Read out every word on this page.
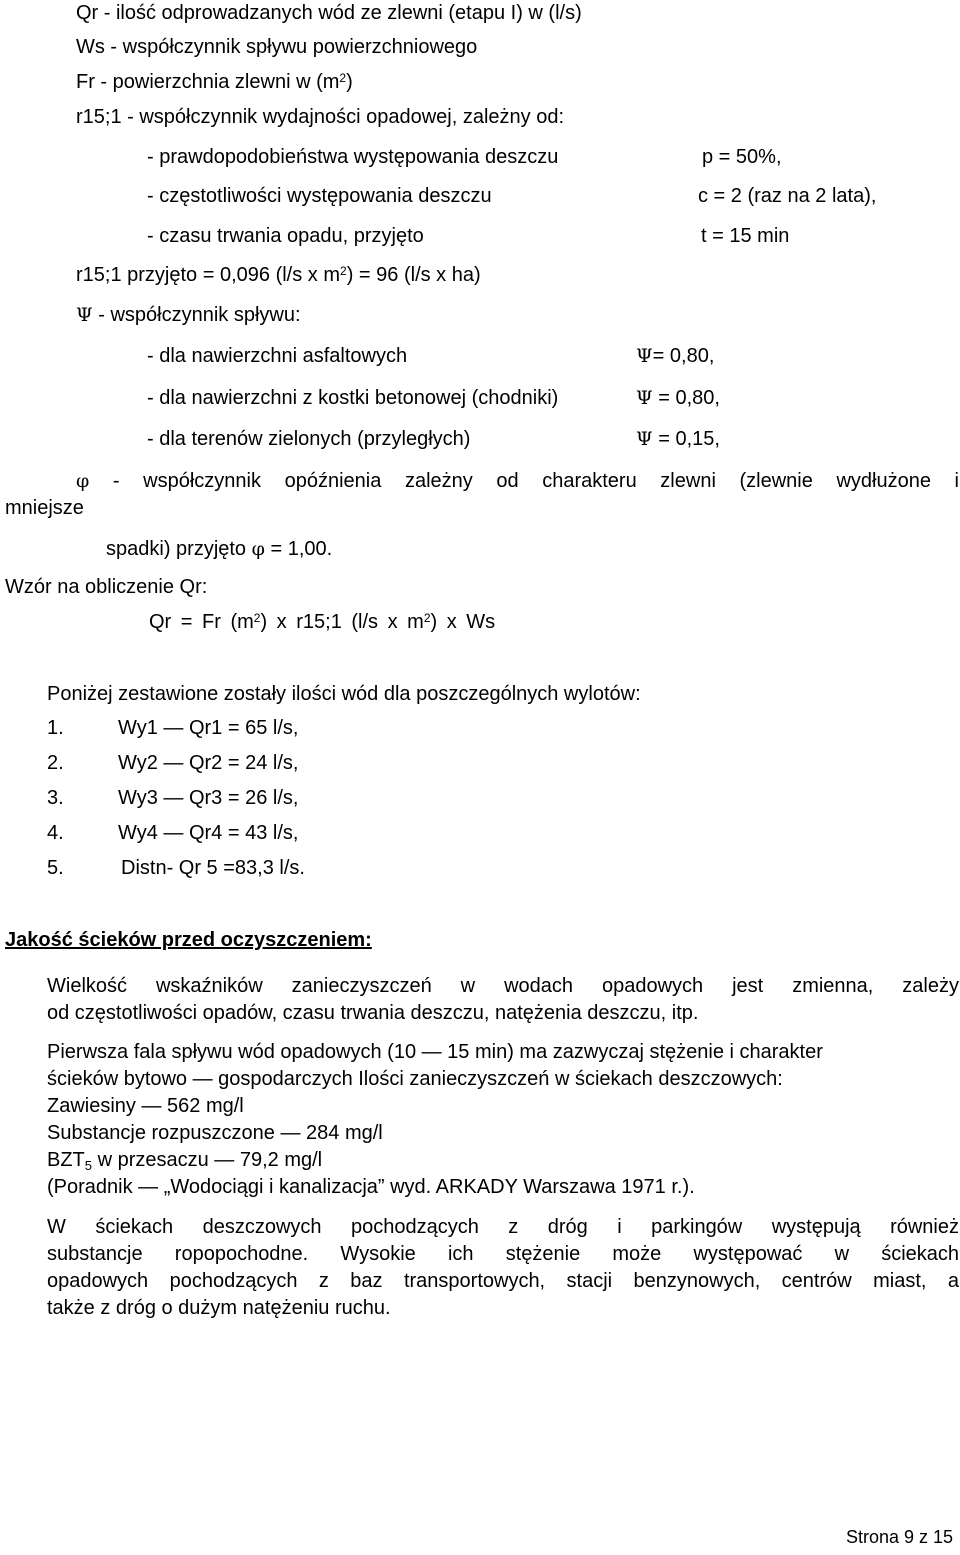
Qr - ilość odprowadzanych wód ze zlewni (etapu I) w (l/s)
Ws - współczynnik spływu powierzchniowego
Fr - powierzchnia zlewni w $(m^2)$
r15;1 - współczynnik wydajności opadowej, zależny od:
- prawdopodobieństwa występowania deszczu	p = 50%,
- częstotliwości występowania deszczu	c = 2 (raz na 2 lata),
- czasu trwania opadu, przyjęto	t = 15 min
r15;1 przyjęto = 0,096 (l/s x $m^2) = 96$ (l/s x ha)
Ψ - współczynnik spływu:
- dla nawierzchni asfaltowych	Ψ= 0,80,
- dla nawierzchni z kostki betonowej (chodniki)	Ψ = 0,80,
- dla terenów zielonych (przyległych)	Ψ = 0,15,
φ - współczynnik opóźnienia zależny od charakteru zlewni (zlewnie wydłużone i
mniejsze
spadki) przyjęto φ = 1,00.
Wzór na obliczenie Qr:
Qr = Fr $(m^2)$ x r15;1 (l/s x $m^2$) x Ws
Poniżej zestawione zostały ilości wód dla poszczególnych wylotów:
1.	Wy1 — Qr1 = 65 l/s,
2.	Wy2 — Qr2 = 24 l/s,
3.	Wy3 — Qr3 = 26 l/s,
4.	Wy4 — Qr4 = 43 l/s,
5.	Distn- Qr 5 =83,3 l/s.
Jakość ścieków przed oczyszczeniem:
Wielkość wskaźników zanieczyszczeń w wodach opadowych jest zmienna, zależy
od częstotliwości opadów, czasu trwania deszczu, natężenia deszczu, itp.
Pierwsza fala spływu wód opadowych (10 — 15 min) ma zazwyczaj stężenie i charakter
ścieków bytowo — gospodarczych Ilości zanieczyszczeń w ściekach deszczowych:
Zawiesiny — 562 mg/l
Substancje rozpuszczone — 284 mg/l
$BZT_5$ w przesaczu — 79,2 mg/l
(Poradnik — „Wodociągi i kanalizacja” wyd. ARKADY Warszawa 1971 r.).
W ściekach deszczowych pochodzących z dróg i parkingów występują również
substancje ropopochodne. Wysokie ich stężenie może występować w ściekach
opadowych pochodzących z baz transportowych, stacji benzynowych, centrów miast, a
także z dróg o dużym natężeniu ruchu.
Strona 9 z 15
